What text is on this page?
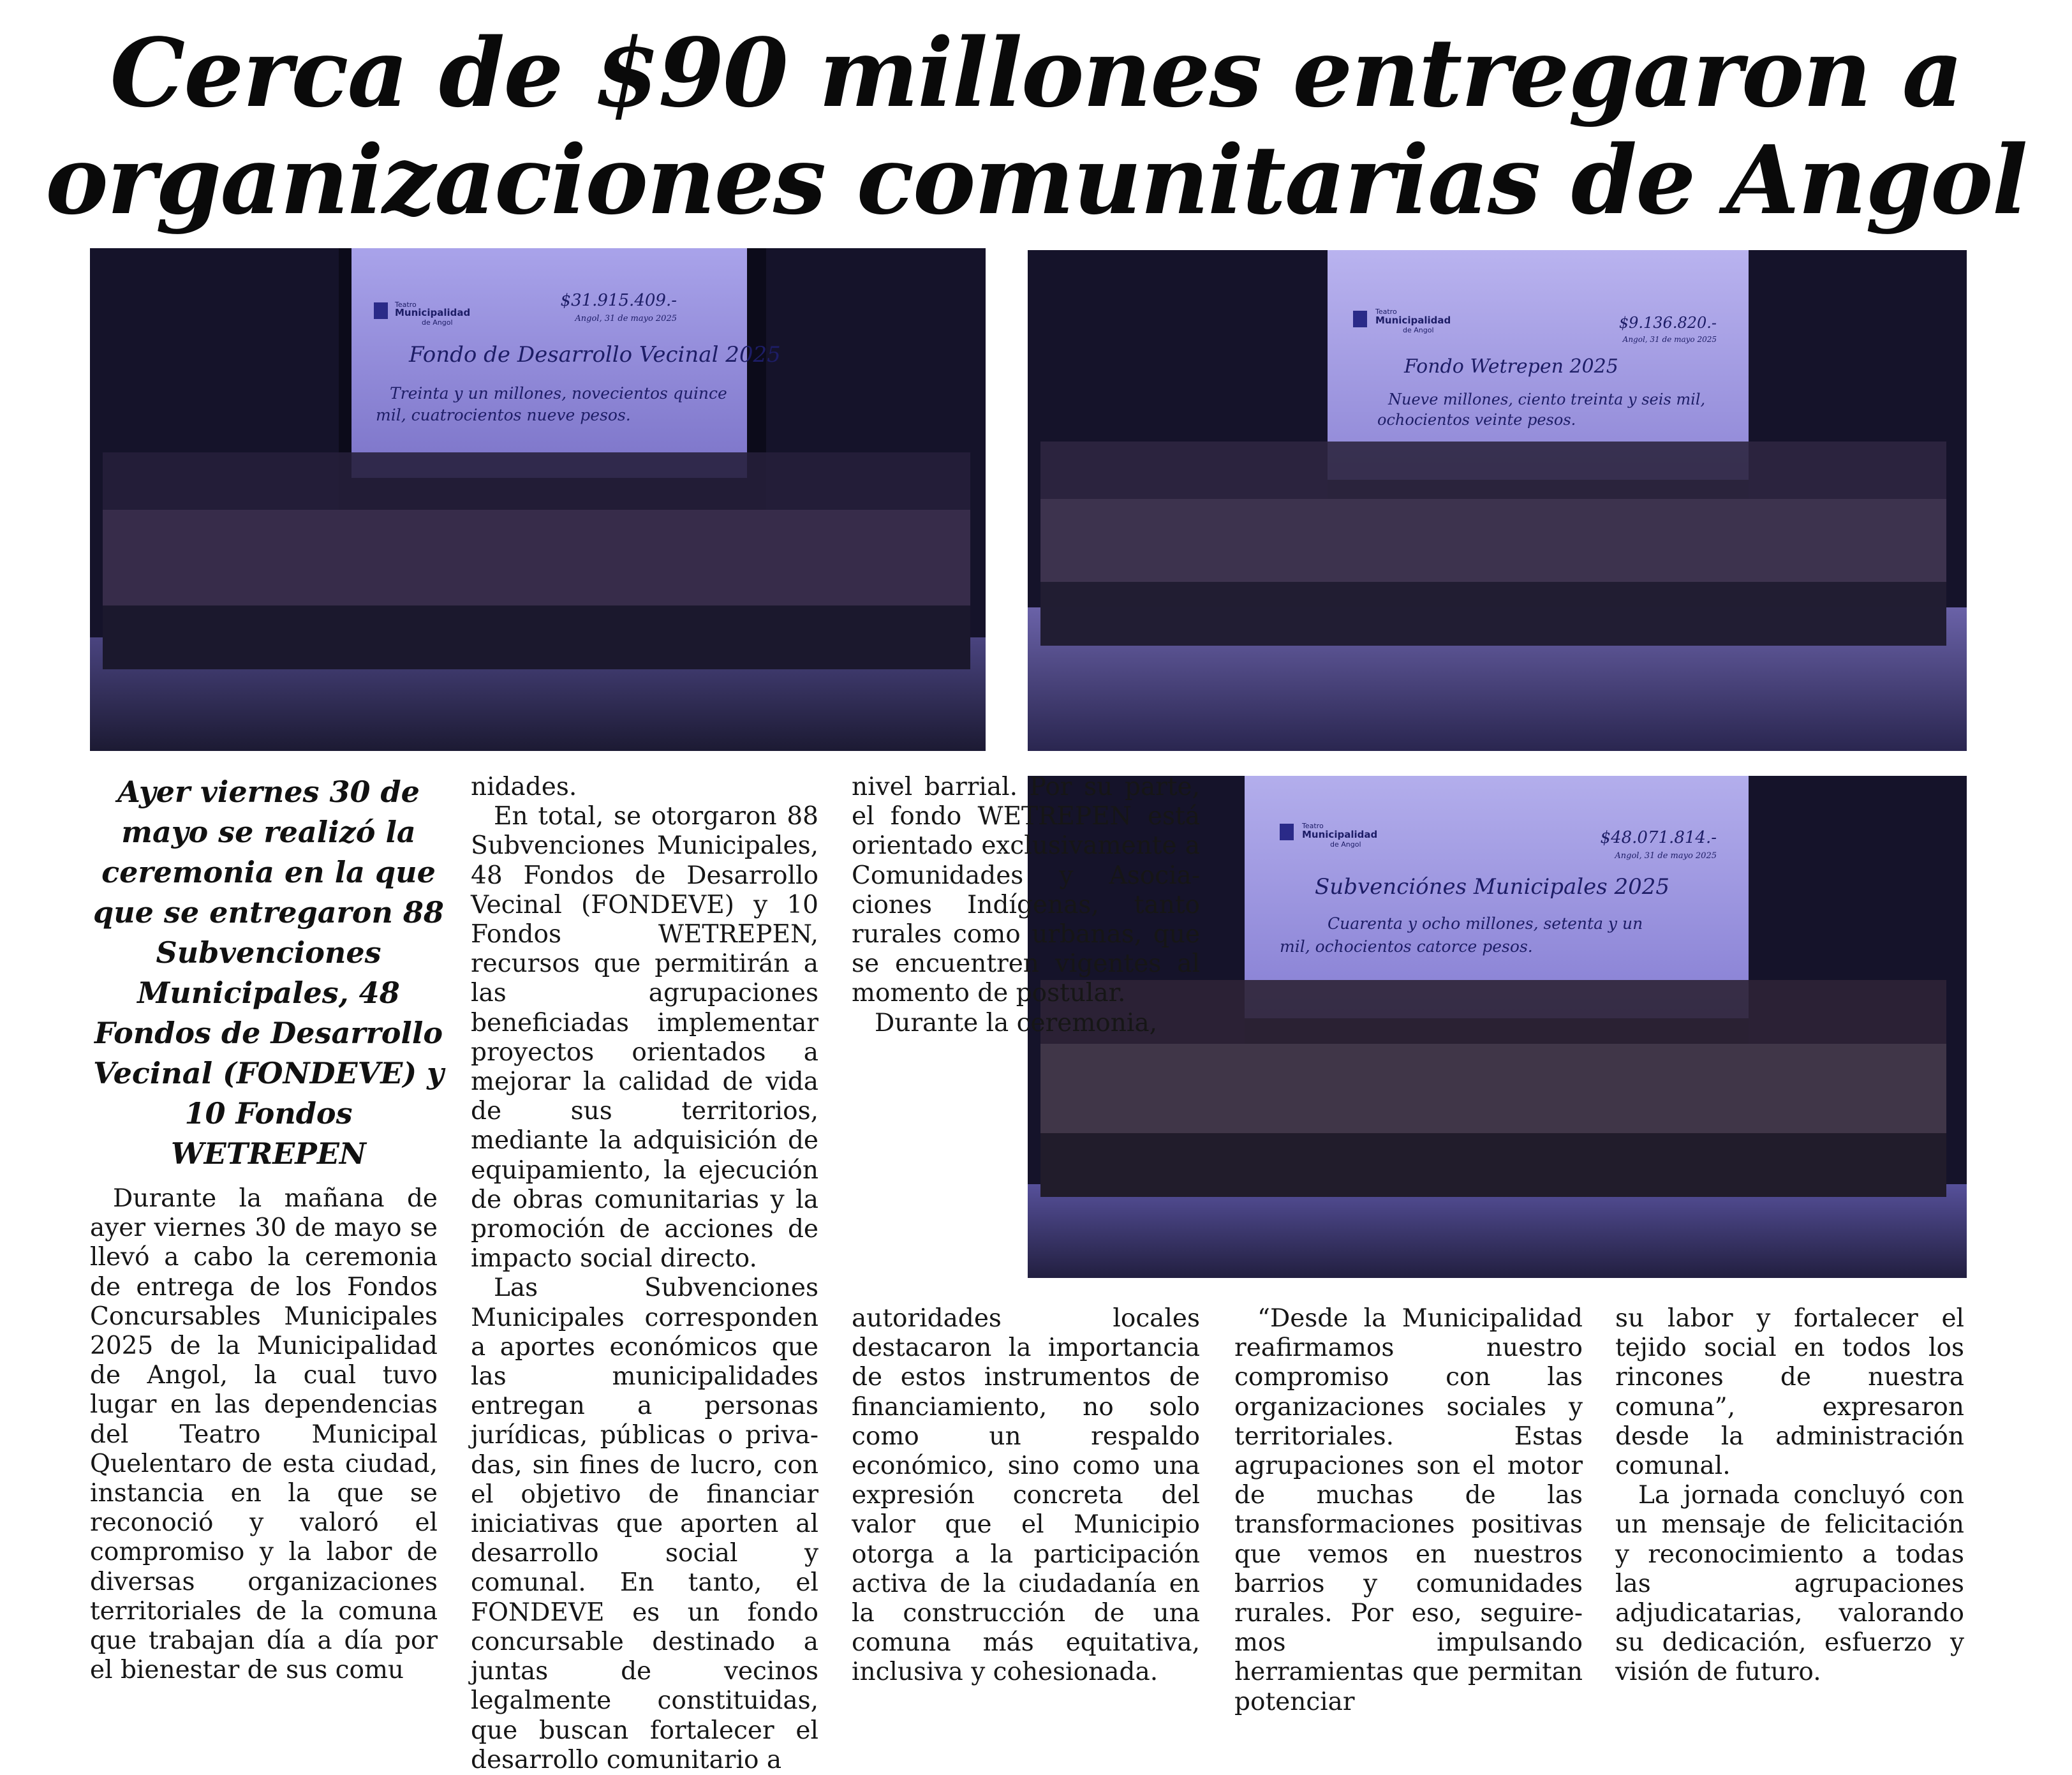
Cerca de $90 millones entregaron a
organizaciones comunitarias de Angol
Teatro
Municipalidad
de Angol
$31.915.409.-
Angol, 31 de mayo 2025
Fondo de Desarrollo Vecinal 2025
Treinta y un millones, novecientos quince
mil, cuatrocientos nueve pesos.
Teatro
Municipalidad
de Angol	$9.136.820.-
Angol, 31 de mayo 2025
Fondo Wetrepen 2025
Nueve millones, ciento treinta y seis mil,
ochocientos veinte pesos.
Teatro
Municipalidad
de Angol	$48.071.814.-
Angol, 31 de mayo 2025
Subvenciónes Municipales 2025
Cuarenta y ocho millones, setenta y un
mil, ochocientos catorce pesos.

Ayer viernes 30 de mayo se realizó la ceremonia en la que que se entregaron 88 Subvenciones Municipales, 48 Fondos de Desarrollo Vecinal (FONDEVE) y 10 Fondos WETREPEN

Durante la mañana de ayer viernes 30 de mayo se llevó a cabo la ceremonia de entrega de los Fondos Concursables Municipales 2025 de la Municipalidad de Angol, la cual tuvo lugar en las dependencias del Teatro Municipal Quelentaro de esta ciudad, instancia en la que se reconoció y valoró el compromiso y la labor de diversas organizaciones territoriales de la comuna que trabajan día a día por el bienestar de sus comu

nidades.

En total, se otorgaron 88 Subvenciones Municipales, 48 Fondos de Desarrollo Vecinal (FONDEVE) y 10 Fondos WETREPEN, recursos que permitirán a las agrupaciones beneficiadas implementar proyectos orientados a mejorar la calidad de vida de sus territorios, mediante la adquisición de equipamiento, la ejecución de obras comunitarias y la promoción de acciones de impacto social directo.

Las Subvenciones Municipales corresponden a aportes económicos que las municipalidades entregan a personas jurídicas, públicas o privadas, sin fines de lucro, con el objetivo de financiar iniciativas que aporten al desarrollo social y comunal. En tanto, el FONDEVE es un fondo concursable destinado a juntas de vecinos legalmente constituidas, que buscan fortalecer el desarrollo comunitario a

nivel barrial. Por su parte, el fondo WETREPEN está orientado exclusivamente a Comunidades y Asociaciones Indígenas, tanto rurales como urbanas, que se encuentren vigentes al momento de postular.

Durante la ceremonia,

autoridades locales destacaron la importancia de estos instrumentos de financiamiento, no solo como un respaldo económico, sino como una expresión concreta del valor que el Municipio otorga a la participación activa de la ciudadanía en la construcción de una comuna más equitativa, inclusiva y cohesionada.

“Desde la Municipalidad reafirmamos nuestro compromiso con las organizaciones sociales y territoriales. Estas agrupaciones son el motor de muchas de las transformaciones positivas que vemos en nuestros barrios y comunidades rurales. Por eso, seguiremos impulsando herramientas que permitan potenciar

su labor y fortalecer el tejido social en todos los rincones de nuestra comuna”, expresaron desde la administración comunal.

La jornada concluyó con un mensaje de felicitación y reconocimiento a todas las agrupaciones adjudicatarias, valorando su dedicación, esfuerzo y visión de futuro.
